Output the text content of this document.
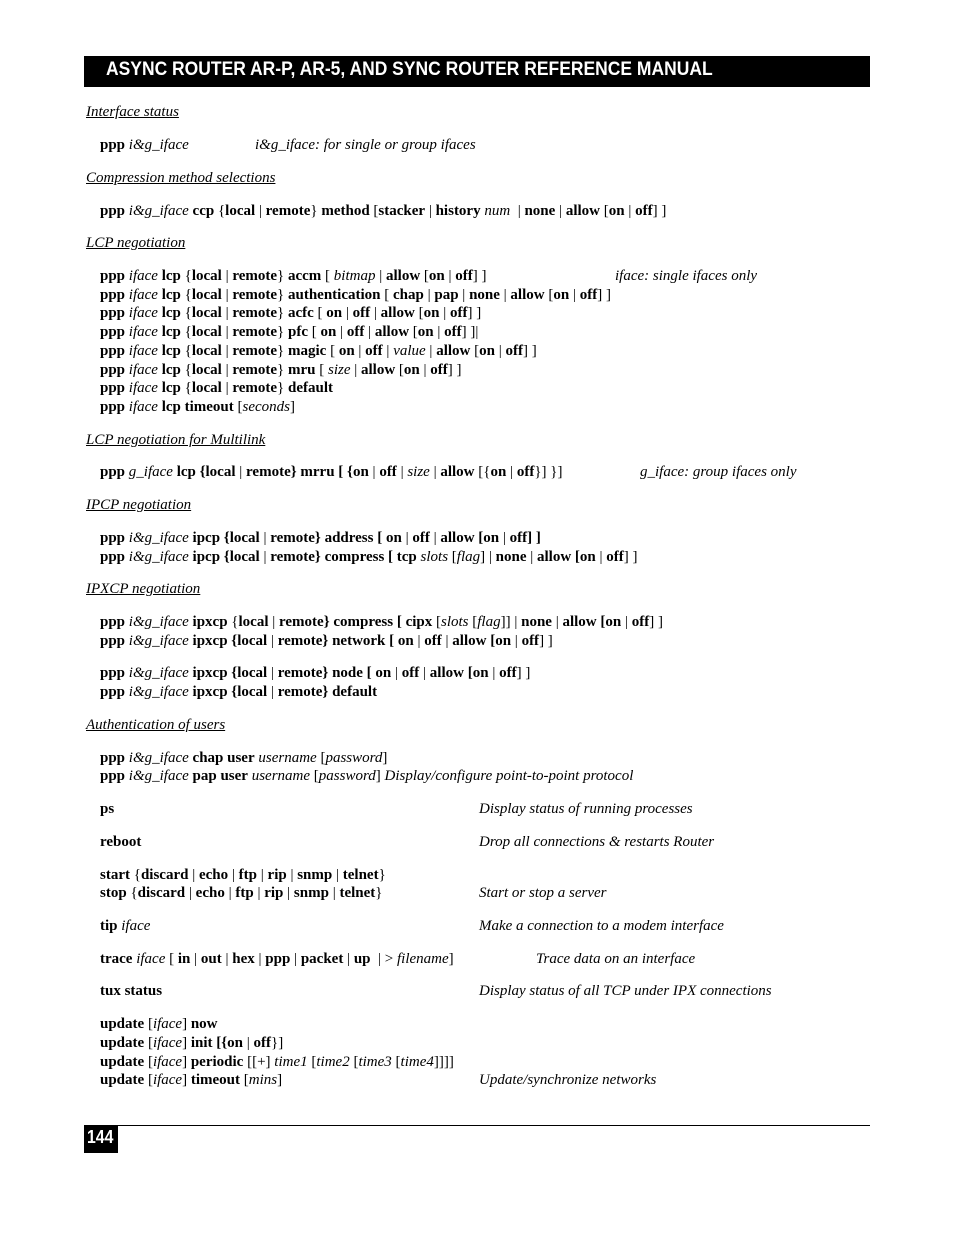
ASYNC ROUTER AR-P, AR-5, AND SYNC ROUTER REFERENCE MANUAL
Interface status
ppp i&g_iface	i&g_iface: for single or group ifaces
Compression method selections
ppp i&g_iface ccp {local | remote} method [stacker | history num  | none | allow [on | off] ]
LCP negotiation
ppp iface lcp {local | remote} accm [ bitmap | allow [on | off] ]	iface: single ifaces only
ppp iface lcp {local | remote} authentication [ chap | pap | none | allow [on | off] ]
ppp iface lcp {local | remote} acfc [ on | off | allow [on | off] ]
ppp iface lcp {local | remote} pfc [ on | off | allow [on | off] ]|
ppp iface lcp {local | remote} magic [ on | off | value | allow [on | off] ]
ppp iface lcp {local | remote} mru [ size | allow [on | off] ]
ppp iface lcp {local | remote} default
ppp iface lcp timeout [seconds]
LCP negotiation for Multilink
ppp g_iface lcp {local | remote} mrru [ {on | off | size | allow [{on | off}] }]	g_iface: group ifaces only
IPCP negotiation
ppp i&g_iface ipcp {local | remote} address [ on | off | allow [on | off] ]
ppp i&g_iface ipcp {local | remote} compress [ tcp slots [flag] | none | allow [on | off] ]
IPXCP negotiation
ppp i&g_iface ipxcp {local | remote} compress [ cipx [slots [flag]] | none | allow [on | off] ]
ppp i&g_iface ipxcp {local | remote} network [ on | off | allow [on | off] ]
ppp i&g_iface ipxcp {local | remote} node [ on | off | allow [on | off] ]
ppp i&g_iface ipxcp {local | remote} default
Authentication of users
ppp i&g_iface chap user username [password]
ppp i&g_iface pap user username [password] Display/configure point-to-point protocol
ps	Display status of running processes
reboot	Drop all connections & restarts Router
start {discard | echo | ftp | rip | snmp | telnet}
stop {discard | echo | ftp | rip | snmp | telnet}	Start or stop a server
tip iface	Make a connection to a modem interface
trace iface [ in | out | hex | ppp | packet | up  | > filename]	Trace data on an interface
tux status	Display status of all TCP under IPX connections
update [iface] now
update [iface] init [{on | off}]
update [iface] periodic [[+] time1 [time2 [time3 [time4]]]]
update [iface] timeout [mins]	Update/synchronize networks
144
